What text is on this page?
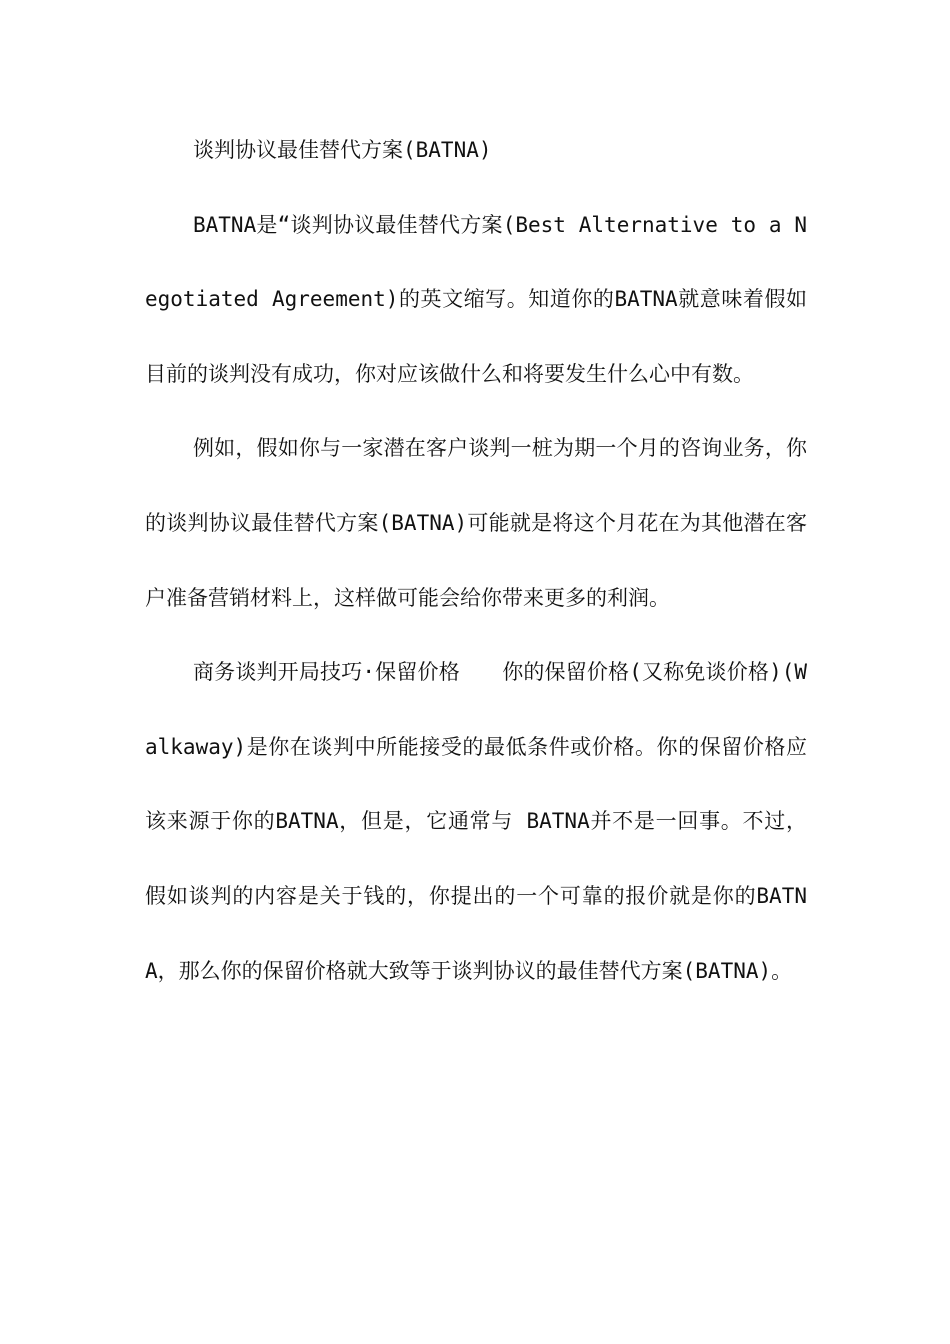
谈判协议最佳替代方案(BATNA)

BATNA是“谈判协议最佳替代方案(Best Alternative to a Negotiated Agreement)的英文缩写。知道你的BATNA就意味着假如目前的谈判没有成功，你对应该做什么和将要发生什么心中有数。

例如，假如你与一家潜在客户谈判一桩为期一个月的咨询业务，你的谈判协议最佳替代方案(BATNA)可能就是将这个月花在为其他潜在客户准备营销材料上，这样做可能会给你带来更多的利润。

商务谈判开局技巧·保留价格　　你的保留价格(又称免谈价格)(Walkaway)是你在谈判中所能接受的最低条件或价格。你的保留价格应该来源于你的BATNA，但是，它通常与 BATNA并不是一回事。不过，假如谈判的内容是关于钱的，你提出的一个可靠的报价就是你的BATNA，那么你的保留价格就大致等于谈判协议的最佳替代方案(BATNA)。
